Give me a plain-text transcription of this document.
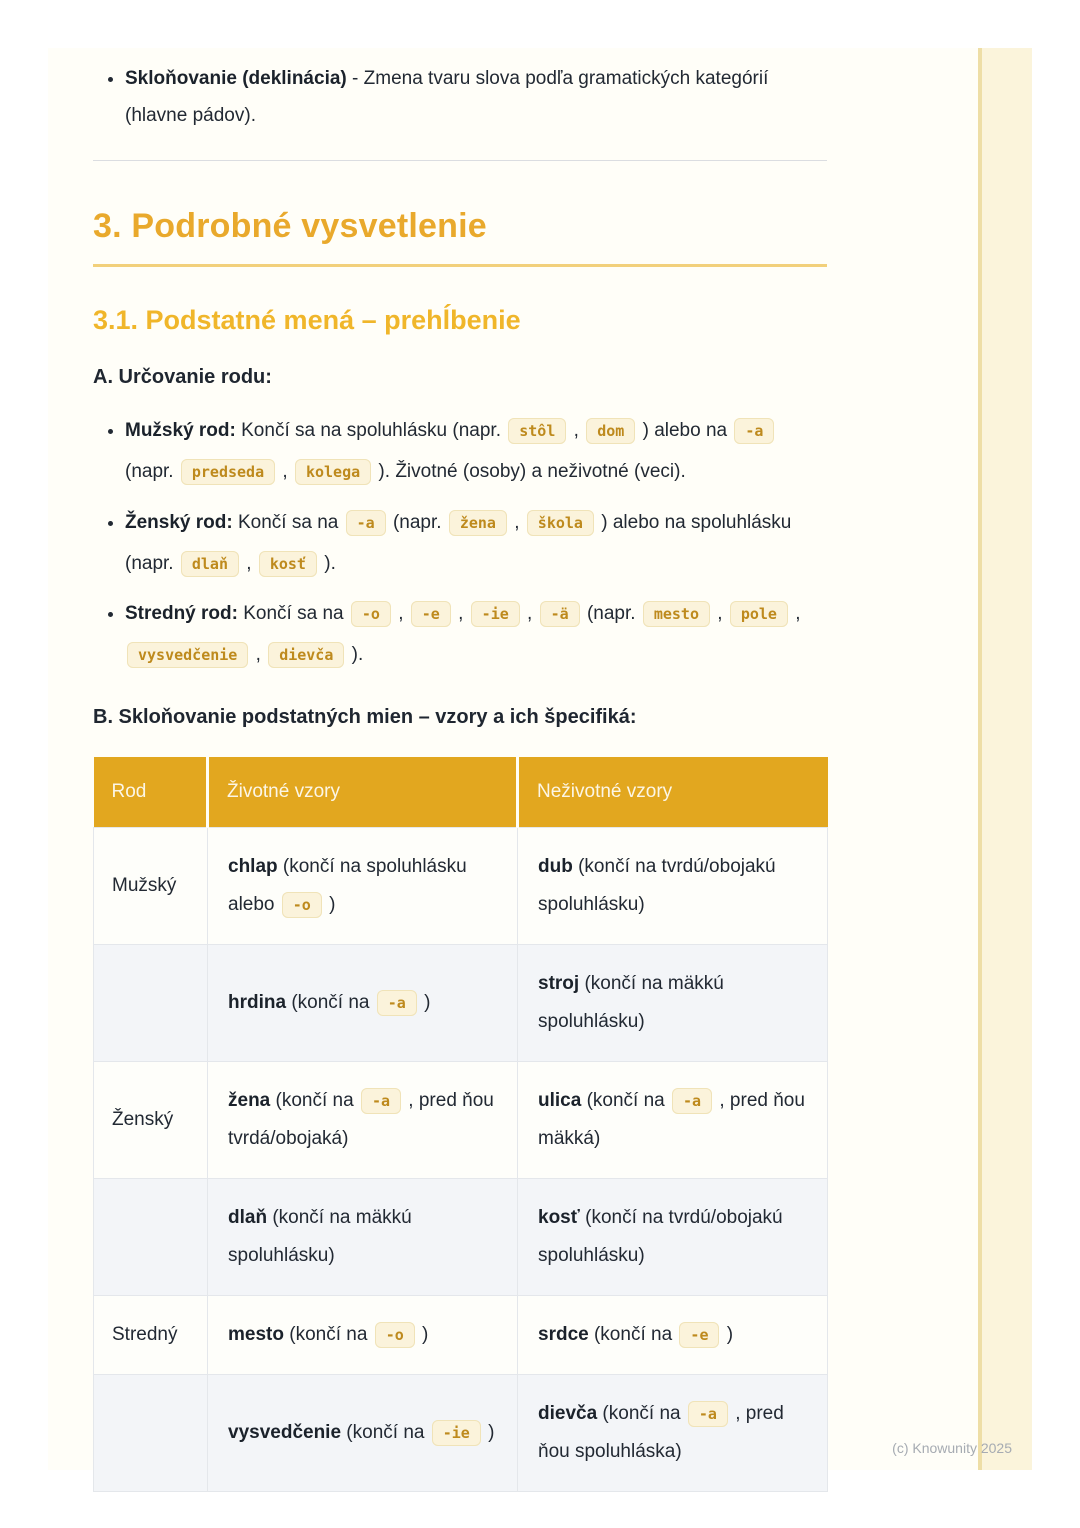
• Skloňovanie (deklinácia) - Zmena tvaru slova podľa gramatických kategórií (hlavne pádov).
3. Podrobné vysvetlenie
3.1. Podstatné mená – prehĺbenie
A. Určovanie rodu:
• Mužský rod: Končí sa na spoluhlásku (napr. stôl , dom ) alebo na -a (napr. predseda , kolega ). Životné (osoby) a neživotné (veci).
• Ženský rod: Končí sa na -a (napr. žena , škola ) alebo na spoluhlásku (napr. dlaň , kosť ).
• Stredný rod: Končí sa na -o , -e , -ie , -ä (napr. mesto , pole , vysvedčenie , dievča ).
B. Skloňovanie podstatných mien – vzory a ich špecifiká:
Rod	Životné vzory	Neživotné vzory
Mužský	chlap (končí na spoluhlásku alebo -o )	dub (končí na tvrdú/obojakú spoluhlásku)
	hrdina (končí na -a )	stroj (končí na mäkkú spoluhlásku)
Ženský	žena (končí na -a , pred ňou tvrdá/obojaká)	ulica (končí na -a , pred ňou mäkká)
	dlaň (končí na mäkkú spoluhlásku)	kosť (končí na tvrdú/obojakú spoluhlásku)
Stredný	mesto (končí na -o )	srdce (končí na -e )
	vysvedčenie (končí na -ie )	dievča (končí na -a , pred ňou spoluhláska)	(c) Knowunity 2025
